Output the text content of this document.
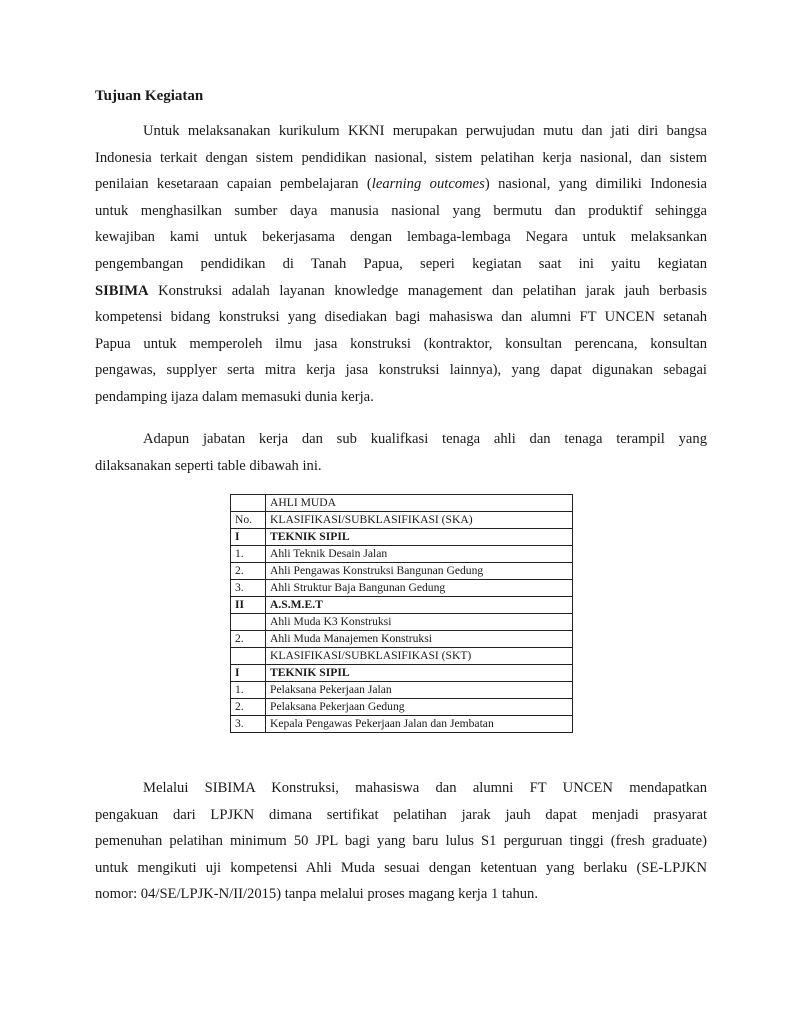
Tujuan Kegiatan
Untuk melaksanakan kurikulum KKNI merupakan perwujudan mutu dan jati diri bangsa
Indonesia terkait dengan sistem pendidikan nasional, sistem pelatihan kerja nasional, dan sistem
penilaian kesetaraan capaian pembelajaran (learning outcomes) nasional, yang dimiliki Indonesia
untuk menghasilkan sumber daya manusia nasional yang bermutu dan produktif sehingga
kewajiban kami untuk bekerjasama dengan lembaga-lembaga Negara untuk melaksankan
pengembangan pendidikan di Tanah Papua, seperi kegiatan saat ini yaitu kegiatan
SIBIMA Konstruksi adalah layanan knowledge management dan pelatihan jarak jauh berbasis
kompetensi bidang konstruksi yang disediakan bagi mahasiswa dan alumni FT UNCEN setanah
Papua untuk memperoleh ilmu jasa konstruksi (kontraktor, konsultan perencana, konsultan
pengawas, supplyer serta mitra kerja jasa konstruksi lainnya), yang dapat digunakan sebagai
pendamping ijaza dalam memasuki dunia kerja.
Adapun jabatan kerja dan sub kualifkasi tenaga ahli dan tenaga terampil yang
dilaksanakan seperti table dibawah ini.
	AHLI MUDA
No.	KLASIFIKASI/SUBKLASIFIKASI (SKA)
I	TEKNIK SIPIL
1.	Ahli Teknik Desain Jalan
2.	Ahli Pengawas Konstruksi Bangunan Gedung
3.	Ahli Struktur Baja Bangunan Gedung
II	A.S.M.E.T
	Ahli Muda K3 Konstruksi
2.	Ahli Muda Manajemen Konstruksi
	KLASIFIKASI/SUBKLASIFIKASI (SKT)
I	TEKNIK SIPIL
1.	Pelaksana Pekerjaan Jalan
2.	Pelaksana Pekerjaan Gedung
3.	Kepala Pengawas Pekerjaan Jalan dan Jembatan
Melalui SIBIMA Konstruksi, mahasiswa dan alumni FT UNCEN mendapatkan
pengakuan dari LPJKN dimana sertifikat pelatihan jarak jauh dapat menjadi prasyarat
pemenuhan pelatihan minimum 50 JPL bagi yang baru lulus S1 perguruan tinggi (fresh graduate)
untuk mengikuti uji kompetensi Ahli Muda sesuai dengan ketentuan yang berlaku (SE-LPJKN
nomor: 04/SE/LPJK-N/II/2015) tanpa melalui proses magang kerja 1 tahun.
